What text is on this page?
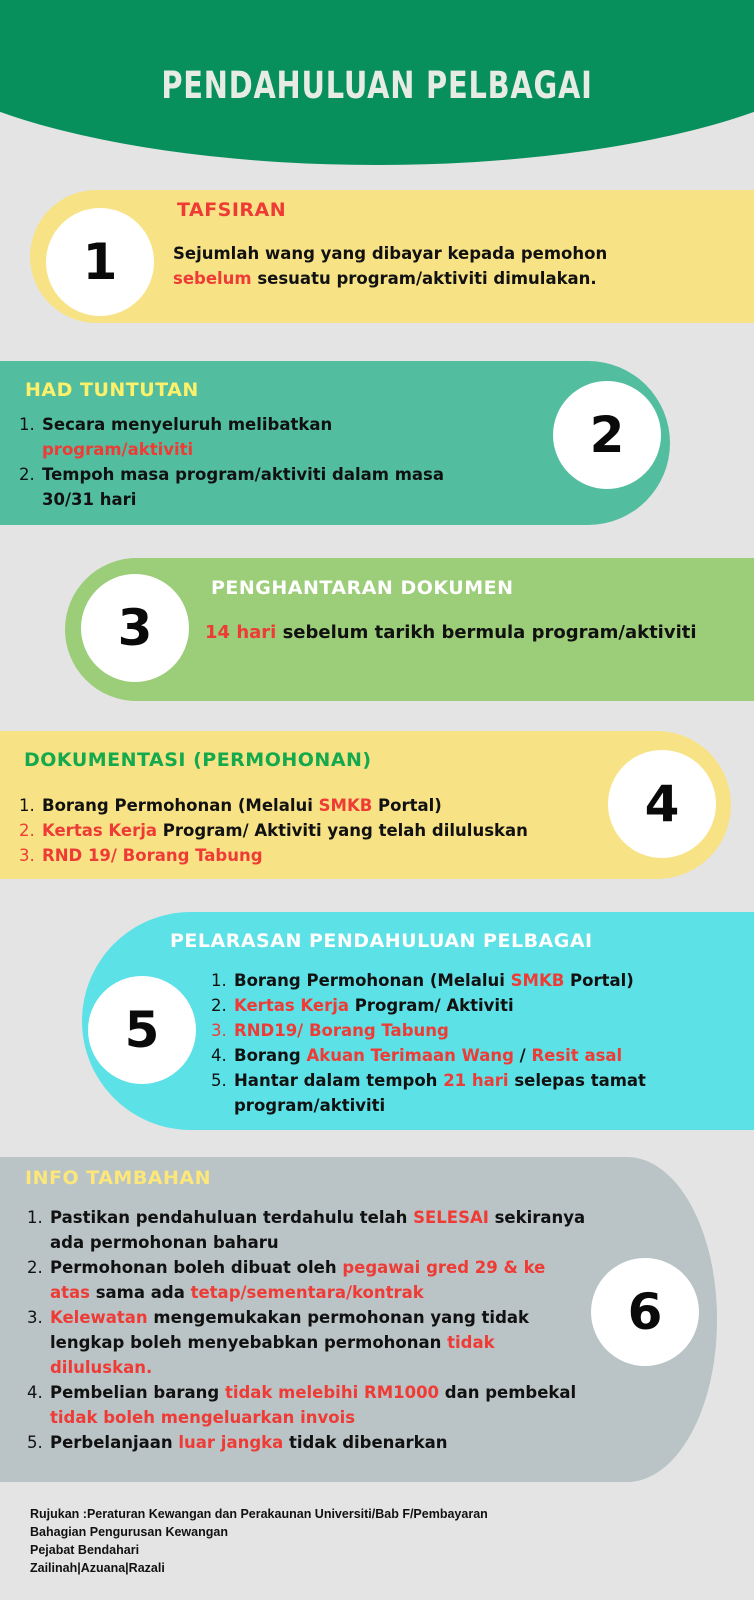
PENDAHULUAN PELBAGAI
1
TAFSIRAN
Sejumlah wang yang dibayar kepada pemohon
sebelum sesuatu program/aktiviti dimulakan.
2
HAD TUNTUTAN
1. Secara menyeluruh melibatkan
program/aktiviti
2. Tempoh masa program/aktiviti dalam masa 30/31 hari
3
PENGHANTARAN DOKUMEN
14 hari sebelum tarikh bermula program/aktiviti
4
DOKUMENTASI (PERMOHONAN)
1. Borang Permohonan (Melalui SMKB Portal)
2. Kertas Kerja Program/ Aktiviti yang telah diluluskan
3. RND 19/ Borang Tabung
5
PELARASAN PENDAHULUAN PELBAGAI
1. Borang Permohonan (Melalui SMKB Portal)
2. Kertas Kerja Program/ Aktiviti
3. RND19/ Borang Tabung
4. Borang Akuan Terimaan Wang / Resit asal
5. Hantar dalam tempoh 21 hari selepas tamat program/aktiviti
6
INFO TAMBAHAN
1. Pastikan pendahuluan terdahulu telah SELESAI sekiranya ada permohonan baharu
2. Permohonan boleh dibuat oleh pegawai gred 29 & ke atas sama ada tetap/sementara/kontrak
3. Kelewatan mengemukakan permohonan yang tidak lengkap boleh menyebabkan permohonan tidak diluluskan.
4. Pembelian barang tidak melebihi RM1000 dan pembekal tidak boleh mengeluarkan invois
5. Perbelanjaan luar jangka tidak dibenarkan
Rujukan :Peraturan Kewangan dan Perakaunan Universiti/Bab F/Pembayaran
Bahagian Pengurusan Kewangan
Pejabat Bendahari
Zailinah|Azuana|Razali
